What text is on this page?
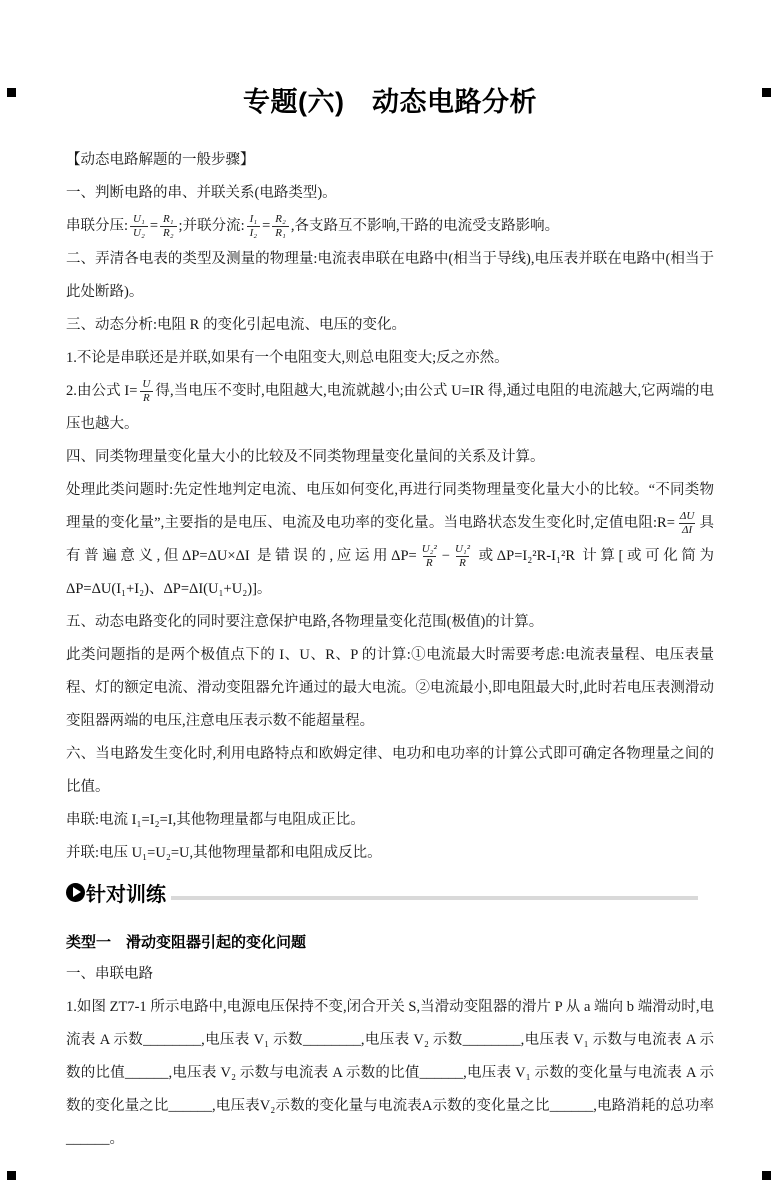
专题(六)　动态电路分析

【动态电路解题的一般步骤】

一、判断电路的串、并联关系(电路类型)。

串联分压: $\frac{\text{U₁}}{\text{U₂}} = \frac{\text{R₁}}{\text{R₂}}$ ;并联分流: $\frac{\text{I₁}}{\text{I₂}} = \frac{\text{R₂}}{\text{R₁}}$ ,各支路互不影响,干路的电流受支路影响。

二、弄清各电表的类型及测量的物理量:电流表串联在电路中(相当于导线),电压表并联在电路中(相当于此处断路)。

三、动态分析:电阻 R 的变化引起电流、电压的变化。

1.不论是串联还是并联,如果有一个电阻变大,则总电阻变大;反之亦然。

2.由公式 $I= \frac{U}{R}$ 得,当电压不变时,电阻越大,电流就越小;由公式 U=IR 得,通过电阻的电流越大,它两端的电压也越大。

四、同类物理量变化量大小的比较及不同类物理量变化量间的关系及计算。

处理此类问题时:先定性地判定电流、电压如何变化,再进行同类物理量变化量大小的比较。“不同类物理量的变化量”,主要指的是电压、电流及电功率的变化量。当电路状态发生变化时,定值电阻:R= $\frac{\Delta U}{\Delta I}$ 具有普遍意义,但ΔP=ΔU×ΔI 是错误的,应运用$\Delta P= \frac{\text{U₂²}}{R} - \frac{\text{U₁²}}{R}$ 或ΔP=I₂²R-I₁²R 计算[或可化简为ΔP=ΔU(I₁+I₂)、ΔP=ΔI(U₁+U₂)]。

五、动态电路变化的同时要注意保护电路,各物理量变化范围(极值)的计算。

此类问题指的是两个极值点下的 I、U、R、P 的计算:①电流最大时需要考虑:电流表量程、电压表量程、灯的额定电流、滑动变阻器允许通过的最大电流。②电流最小,即电阻最大时,此时若电压表测滑动变阻器两端的电压,注意电压表示数不能超量程。

六、当电路发生变化时,利用电路特点和欧姆定律、电功和电功率的计算公式即可确定各物理量之间的比值。

串联:电流 I₁=I₂=I,其他物理量都与电阻成正比。

并联:电压 U₁=U₂=U,其他物理量都和电阻成反比。

针对训练

类型一　滑动变阻器引起的变化问题

一、串联电路

1.如图 ZT7-1 所示电路中,电源电压保持不变,闭合开关 S,当滑动变阻器的滑片 P 从 a 端向 b 端滑动时,电流表 A 示数________,电压表 V₁ 示数________,电压表 V₂ 示数________,电压表 V₁ 示数与电流表 A 示数的比值______,电压表 V₂ 示数与电流表 A 示数的比值______,电压表 V₁ 示数的变化量与电流表 A 示数的变化量之比______,电压表V₂示数的变化量与电流表A示数的变化量之比______,电路消耗的总功率______。
